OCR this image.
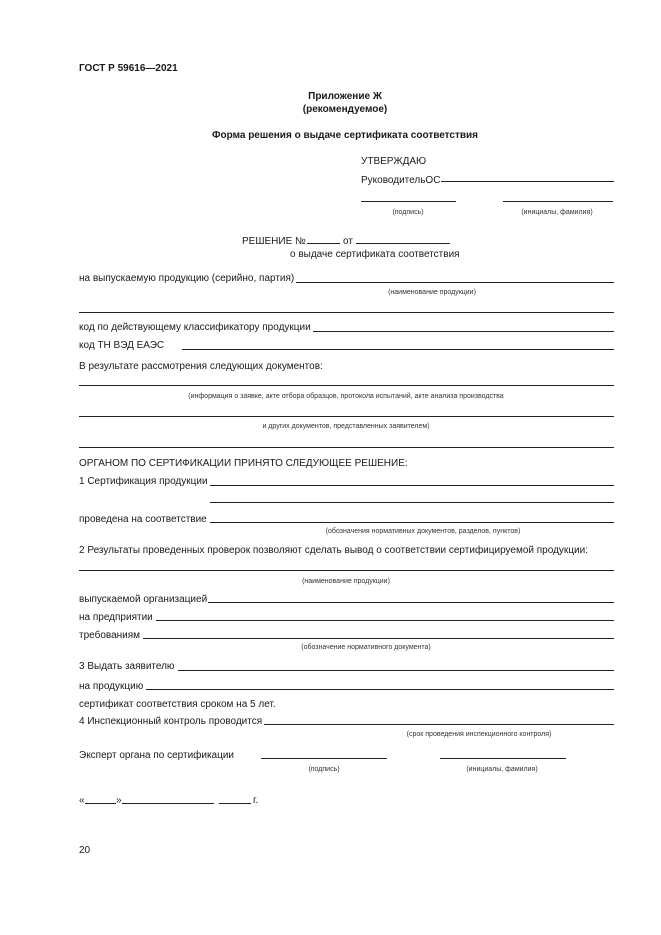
ГОСТ Р 59616—2021
Приложение Ж
(рекомендуемое)
Форма решения о выдаче сертификата соответствия
УТВЕРЖДАЮ
РуководительОС
(подпись)	(инициалы, фамилия)
РЕШЕНИЕ №	от
о выдаче сертификата соответствия
на выпускаемую продукцию (серийно, партия)
(наименование продукции)
код по действующему классификатору продукции
код ТН ВЭД ЕАЭС
В результате рассмотрения следующих документов:
(информация о заявке, акте отбора образцов, протокола испытаний, акте анализа производства
и других документов, представленных заявителем)
ОРГАНОМ ПО СЕРТИФИКАЦИИ ПРИНЯТО СЛЕДУЮЩЕЕ РЕШЕНИЕ:
1 Сертификация продукции
проведена на соответствие
(обозначения нормативных документов, разделов, пунктов)
2 Результаты проведенных проверок позволяют сделать вывод о соответствии сертифицируемой продукции:
(наименование продукции)
выпускаемой организацией
на предприятии
требованиям
(обозначение нормативного документа)
3 Выдать заявителю
на продукцию
сертификат соответствия сроком на 5 лет.
4 Инспекционный контроль проводится
(срок проведения инспекционного контроля)
Эксперт органа по сертификации
(подпись)	(инициалы, фамилия)
«	»	г.
20
